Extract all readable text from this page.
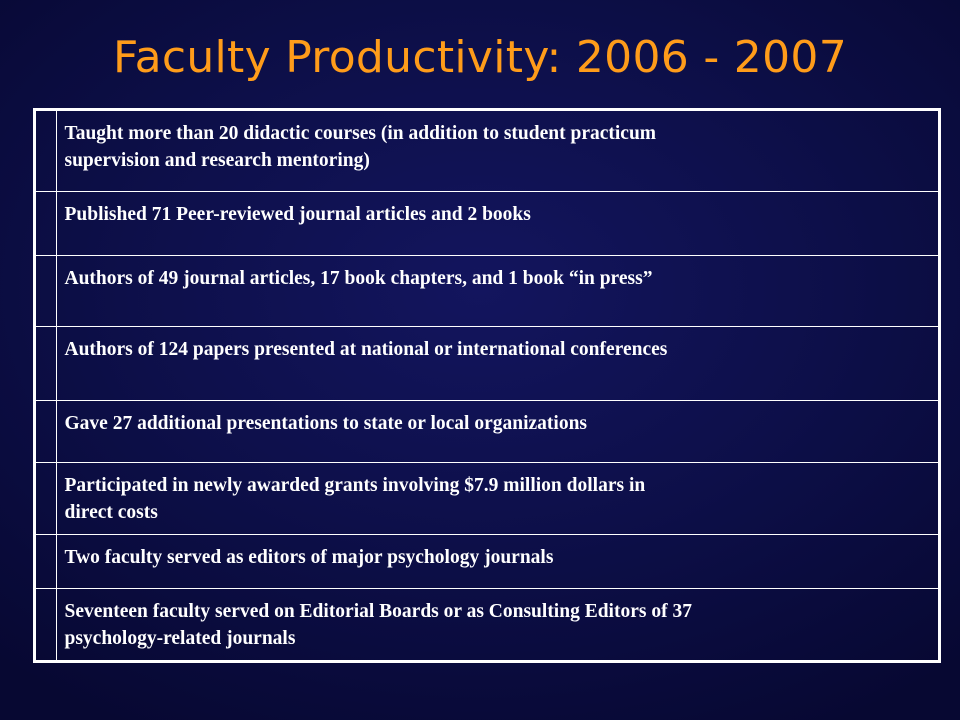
Faculty Productivity: 2006 - 2007

	Taught more than 20 didactic courses (in addition to student practicum
supervision and research mentoring)

	Published 71 Peer-reviewed journal articles and 2 books

	Authors of 49 journal articles, 17 book chapters, and 1 book “in press”

	Authors of 124 papers presented at national or international conferences

	Gave 27 additional presentations to state or local organizations

	Participated in newly awarded grants involving $7.9 million dollars in
direct costs

	Two faculty served as editors of major psychology journals

	Seventeen faculty served on Editorial Boards or as Consulting Editors of 37
psychology-related journals
